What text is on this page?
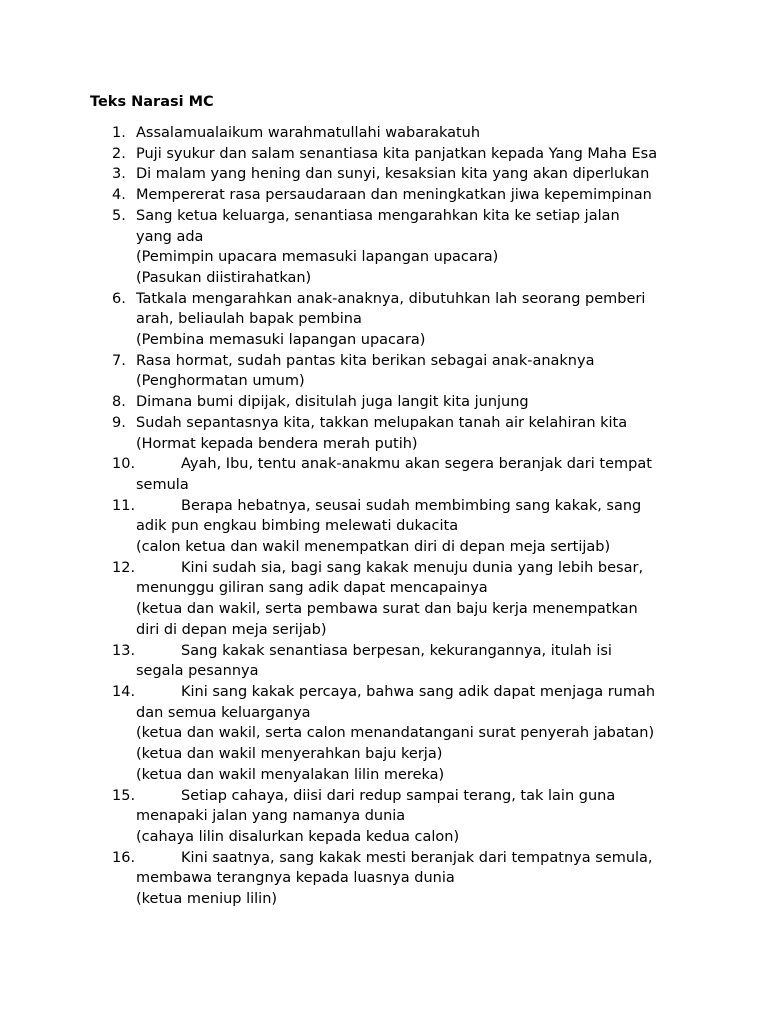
Teks Narasi MC
1. Assalamualaikum warahmatullahi wabarakatuh
2. Puji syukur dan salam senantiasa kita panjatkan kepada Yang Maha Esa
3. Di malam yang hening dan sunyi, kesaksian kita yang akan diperlukan
4. Mempererat rasa persaudaraan dan meningkatkan jiwa kepemimpinan
5. Sang ketua keluarga, senantiasa mengarahkan kita ke setiap jalan
yang ada
(Pemimpin upacara memasuki lapangan upacara)
(Pasukan diistirahatkan)
6. Tatkala mengarahkan anak-anaknya, dibutuhkan lah seorang pemberi
arah, beliaulah bapak pembina
(Pembina memasuki lapangan upacara)
7. Rasa hormat, sudah pantas kita berikan sebagai anak-anaknya
(Penghormatan umum)
8. Dimana bumi dipijak, disitulah juga langit kita junjung
9. Sudah sepantasnya kita, takkan melupakan tanah air kelahiran kita
(Hormat kepada bendera merah putih)
10.	Ayah, Ibu, tentu anak-anakmu akan segera beranjak dari tempat
semula
11.	Berapa hebatnya, seusai sudah membimbing sang kakak, sang
adik pun engkau bimbing melewati dukacita
(calon ketua dan wakil menempatkan diri di depan meja sertijab)
12.	Kini sudah sia, bagi sang kakak menuju dunia yang lebih besar,
menunggu giliran sang adik dapat mencapainya
(ketua dan wakil, serta pembawa surat dan baju kerja menempatkan
diri di depan meja serijab)
13.	Sang kakak senantiasa berpesan, kekurangannya, itulah isi
segala pesannya
14.	Kini sang kakak percaya, bahwa sang adik dapat menjaga rumah
dan semua keluarganya
(ketua dan wakil, serta calon menandatangani surat penyerah jabatan)
(ketua dan wakil menyerahkan baju kerja)
(ketua dan wakil menyalakan lilin mereka)
15.	Setiap cahaya, diisi dari redup sampai terang, tak lain guna
menapaki jalan yang namanya dunia
(cahaya lilin disalurkan kepada kedua calon)
16.	Kini saatnya, sang kakak mesti beranjak dari tempatnya semula,
membawa terangnya kepada luasnya dunia
(ketua meniup lilin)
